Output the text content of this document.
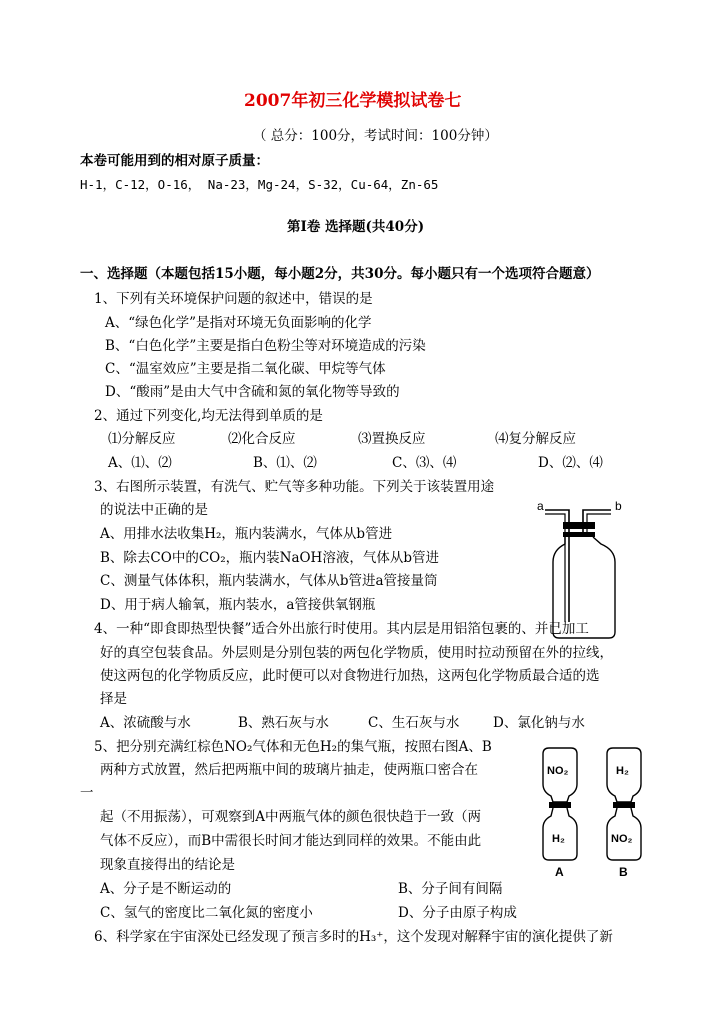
2007年初三化学模拟试卷七
（ 总分：100分，考试时间：100分钟）
本卷可能用到的相对原子质量：
H-1，C-12，O-16， Na-23，Mg-24，S-32，Cu-64，Zn-65
第Ⅰ卷 选择题(共40分)
一、选择题（本题包括15小题，每小题2分，共30分。每小题只有一个选项符合题意）
1、下列有关环境保护问题的叙述中，错误的是
A、“绿色化学”是指对环境无负面影响的化学
B、“白色化学”主要是指白色粉尘等对环境造成的污染
C、“温室效应”主要是指二氧化碳、甲烷等气体
D、“酸雨”是由大气中含硫和氮的氧化物等导致的
2、通过下列变化,均无法得到单质的是
⑴分解反应	⑵化合反应	⑶置换反应	⑷复分解反应
A、⑴、⑵	B、⑴、⑵	C、⑶、⑷	D、⑵、⑷
3、右图所示装置，有洗气、贮气等多种功能。下列关于该装置用途
的说法中正确的是
A、用排水法收集H₂，瓶内装满水，气体从b管进
B、除去CO中的CO₂，瓶内装NaOH溶液，气体从b管进
C、测量气体体积，瓶内装满水，气体从b管进a管接量筒
D、用于病人输氧，瓶内装水，a管接供氧钢瓶
a	b
4、一种“即食即热型快餐”适合外出旅行时使用。其内层是用铝箔包裹的、并已加工
好的真空包装食品。外层则是分别包装的两包化学物质，使用时拉动预留在外的拉线，
使这两包的化学物质反应，此时便可以对食物进行加热，这两包化学物质最合适的选
择是
A、浓硫酸与水	B、熟石灰与水	C、生石灰与水 D、氯化钠与水
5、把分别充满红棕色NO₂气体和无色H₂的集气瓶，按照右图A、B
两种方式放置，然后把两瓶中间的玻璃片抽走，使两瓶口密合在
一
起（不用振荡），可观察到A中两瓶气体的颜色很快趋于一致（两
气体不反应），而B中需很长时间才能达到同样的效果。不能由此
现象直接得出的结论是
A、分子是不断运动的	B、分子间有间隔
C、氢气的密度比二氧化氮的密度小	D、分子由原子构成
NO₂
H₂
H₂
NO₂
A	B
6、科学家在宇宙深处已经发现了预言多时的H₃⁺，这个发现对解释宇宙的演化提供了新
